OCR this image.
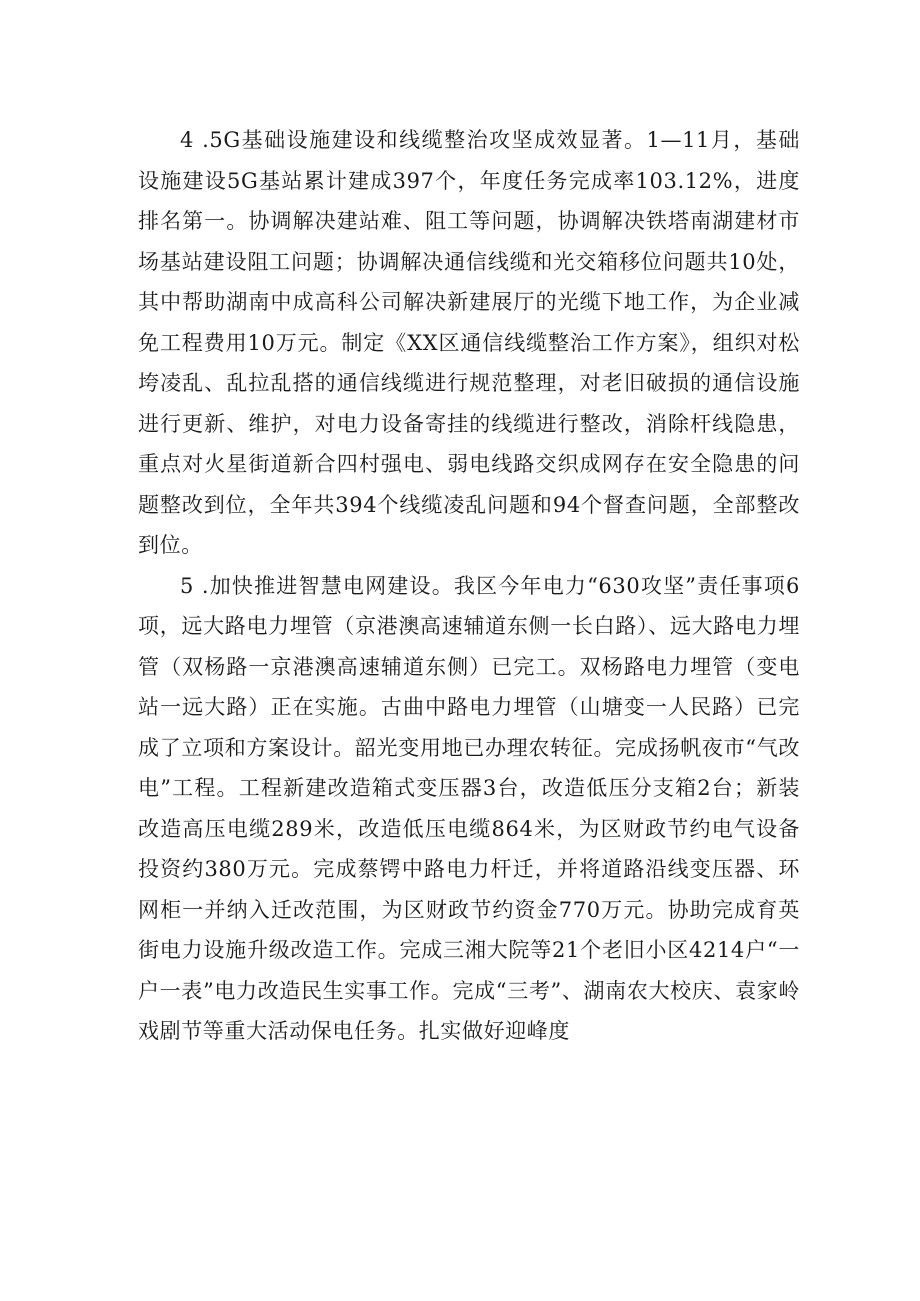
4 .5G基础设施建设和线缆整治攻坚成效显著。1—11月，基础设施建设5G基站累计建成397个，年度任务完成率103.12%，进度排名第一。协调解决建站难、阻工等问题，协调解决铁塔南湖建材市场基站建设阻工问题；协调解决通信线缆和光交箱移位问题共10处，其中帮助湖南中成高科公司解决新建展厅的光缆下地工作，为企业减免工程费用10万元。制定《XX区通信线缆整治工作方案》，组织对松垮凌乱、乱拉乱搭的通信线缆进行规范整理，对老旧破损的通信设施进行更新、维护，对电力设备寄挂的线缆进行整改，消除杆线隐患，重点对火星街道新合四村强电、弱电线路交织成网存在安全隐患的问题整改到位，全年共394个线缆凌乱问题和94个督查问题，全部整改到位。

5 .加快推进智慧电网建设。我区今年电力“630攻坚”责任事项6项，远大路电力埋管（京港澳高速辅道东侧一长白路）、远大路电力埋管（双杨路一京港澳高速辅道东侧）已完工。双杨路电力埋管（变电站一远大路）正在实施。古曲中路电力埋管（山塘变一人民路）已完成了立项和方案设计。韶光变用地已办理农转征。完成扬帆夜市“气改电”工程。工程新建改造箱式变压器3台，改造低压分支箱2台；新装改造高压电缆289米，改造低压电缆864米，为区财政节约电气设备投资约380万元。完成蔡锷中路电力杆迁，并将道路沿线变压器、环网柜一并纳入迁改范围，为区财政节约资金770万元。协助完成育英街电力设施升级改造工作。完成三湘大院等21个老旧小区4214户“一户一表”电力改造民生实事工作。完成“三考”、湖南农大校庆、袁家岭戏剧节等重大活动保电任务。扎实做好迎峰度
